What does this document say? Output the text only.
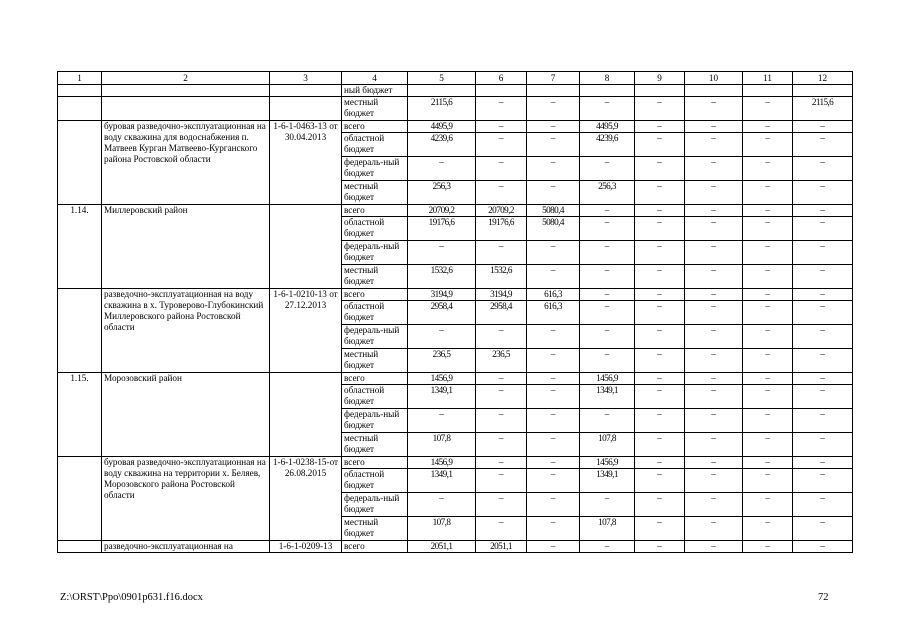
1	2	3	4	5	6	7	8	9	10	11	12
			ный бюджет								
			местный бюджет	2115,6	–	–	–	–	–	–	2115,6
	буровая разведочно-эксплуатационная на воду скважина для водоснабжения п. Матвеев Курган Матвеево-Курганского района Ростовской области	1-6-1-0463-13 от 30.04.2013	всего	4495,9	–	–	4495,9	–	–	–	–
			областной бюджет	4239,6	–	–	4239,6	–	–	–	–
			федераль-ный бюджет	–	–	–	–	–	–	–	–
			местный бюджет	256,3	–	–	256,3	–	–	–	–
1.14.	Миллеровский район		всего	20709,2	20709,2	5080,4	–	–	–	–	–
			областной бюджет	19176,6	19176,6	5080,4	–	–	–	–	–
			федераль-ный бюджет	–	–	–	–	–	–	–	–
			местный бюджет	1532,6	1532,6	–	–	–	–	–	–
	разведочно-эксплуатационная на воду скважина в х. Туроверово-Глубокинский Миллеровского района Ростовской области	1-6-1-0210-13 от 27.12.2013	всего	3194,9	3194,9	616,3	–	–	–	–	–
			областной бюджет	2958,4	2958,4	616,3	–	–	–	–	–
			федераль-ный бюджет	–	–	–	–	–	–	–	–
			местный бюджет	236,5	236,5	–	–	–	–	–	–
1.15.	Морозовский район		всего	1456,9	–	–	1456,9	–	–	–	–
			областной бюджет	1349,1	–	–	1349,1	–	–	–	–
			федераль-ный бюджет	–	–	–	–	–	–	–	–
			местный бюджет	107,8	–	–	107,8	–	–	–	–
	буровая разведочно-эксплуатационная на воду скважина на территории х. Беляев, Морозовского района Ростовской области	1-6-1-0238-15-от 26.08.2015	всего	1456,9	–	–	1456,9	–	–	–	–
			областной бюджет	1349,1	–	–	1349,1	–	–	–	–
			федераль-ный бюджет	–	–	–	–	–	–	–	–
			местный бюджет	107,8	–	–	107,8	–	–	–	–
	разведочно-эксплуатационная на	1-6-1-0209-13	всего	2051,1	2051,1	–	–	–	–	–	–
Z:\ORST\Ppo\0901p631.f16.docx	72
